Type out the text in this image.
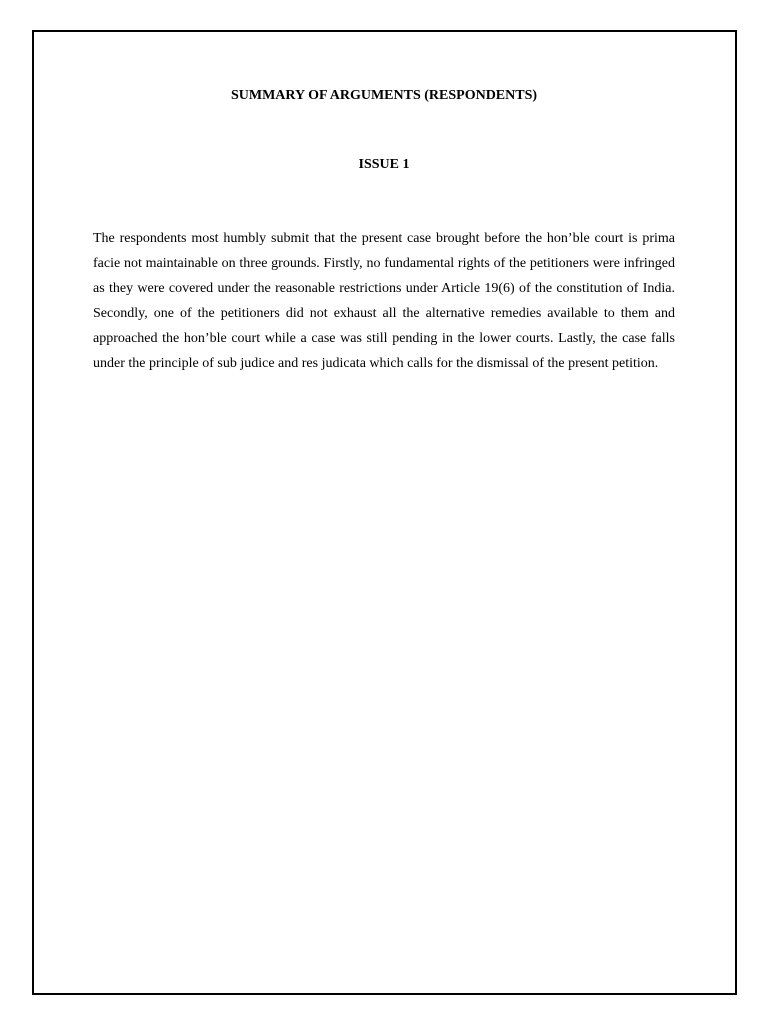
SUMMARY OF ARGUMENTS (RESPONDENTS)
ISSUE 1

The respondents most humbly submit that the present case brought before the hon’ble court is prima facie not maintainable on three grounds. Firstly, no fundamental rights of the petitioners were infringed as they were covered under the reasonable restrictions under Article 19(6) of the constitution of India. Secondly, one of the petitioners did not exhaust all the alternative remedies available to them and approached the hon’ble court while a case was still pending in the lower courts. Lastly, the case falls under the principle of sub judice and res judicata which calls for the dismissal of the present petition.
